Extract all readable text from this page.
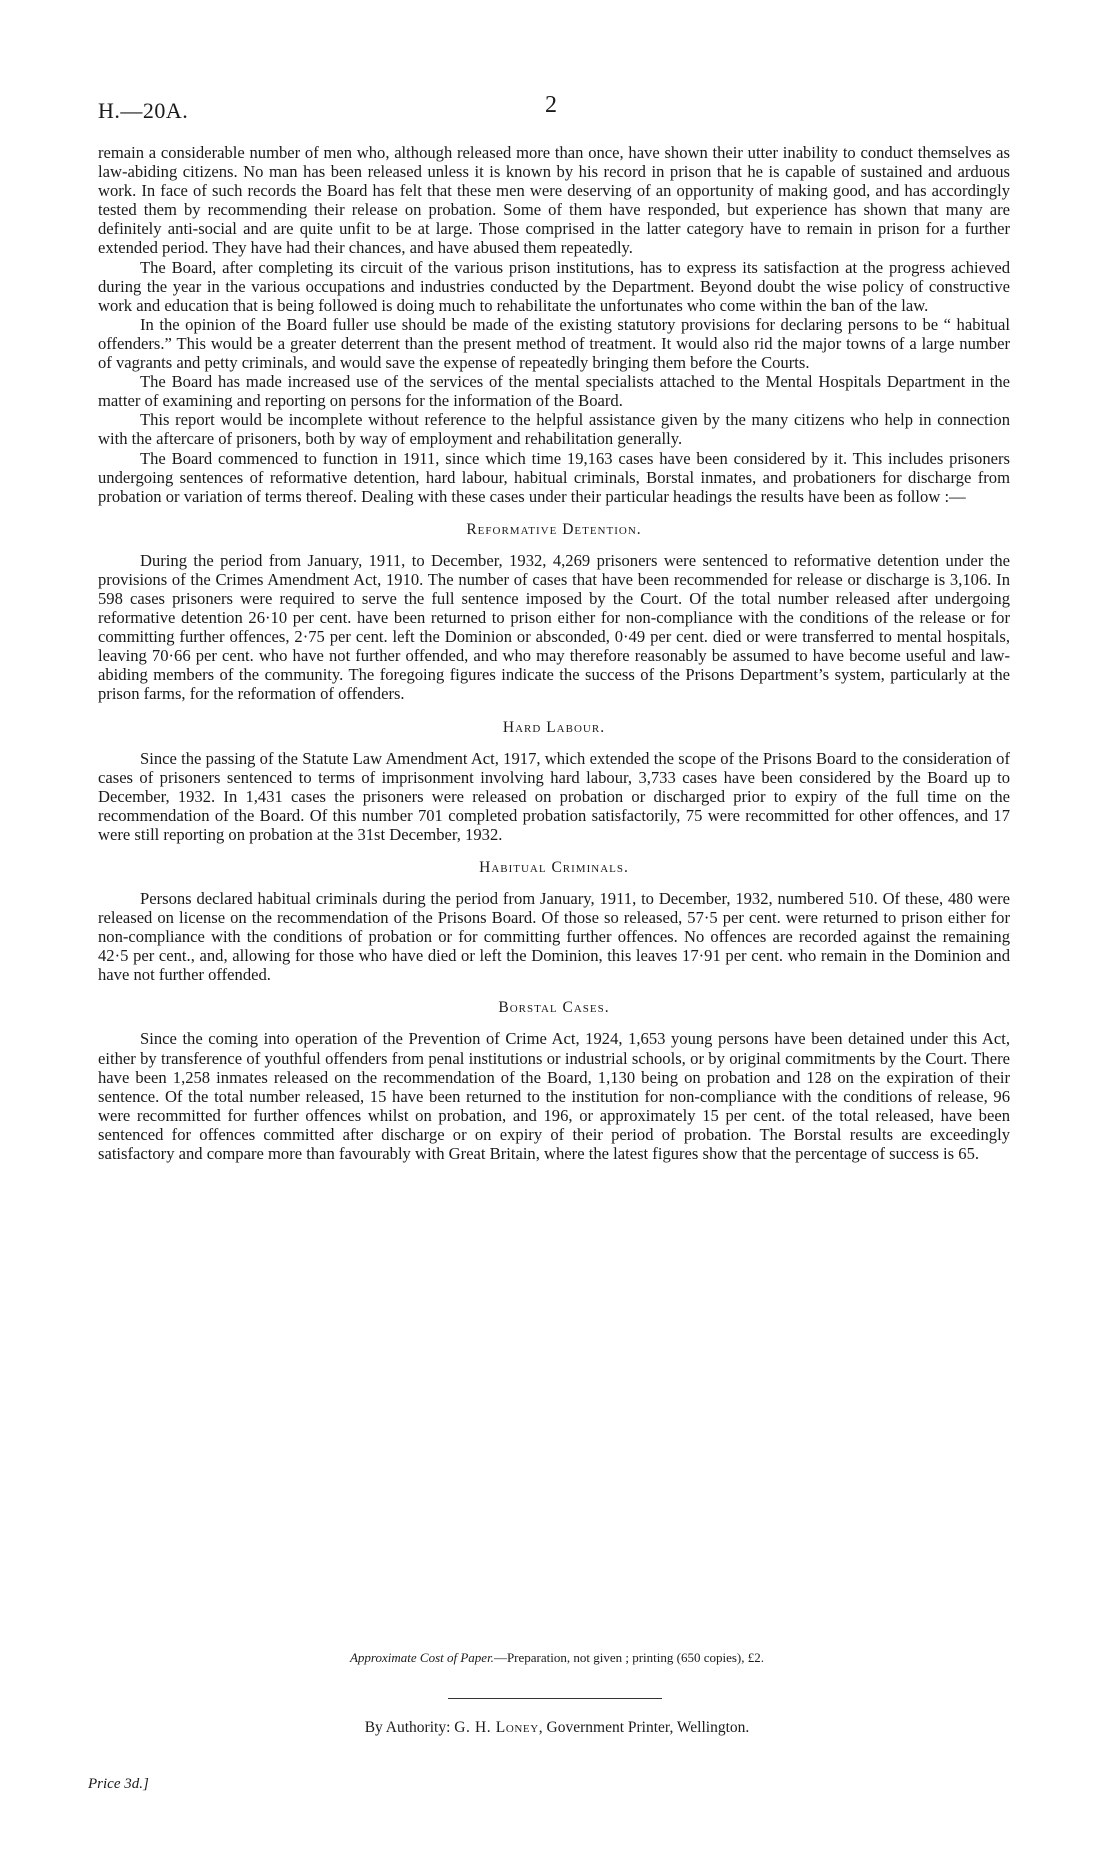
H.—20A.	2

remain a considerable number of men who, although released more than once, have shown their utter inability to conduct themselves as law-abiding citizens. No man has been released unless it is known by his record in prison that he is capable of sustained and arduous work. In face of such records the Board has felt that these men were deserving of an opportunity of making good, and has accordingly tested them by recommending their release on probation. Some of them have responded, but experience has shown that many are definitely anti-social and are quite unfit to be at large. Those comprised in the latter category have to remain in prison for a further extended period. They have had their chances, and have abused them repeatedly.

The Board, after completing its circuit of the various prison institutions, has to express its satisfaction at the progress achieved during the year in the various occupations and industries conducted by the Department. Beyond doubt the wise policy of constructive work and education that is being followed is doing much to rehabilitate the unfortunates who come within the ban of the law.

In the opinion of the Board fuller use should be made of the existing statutory provisions for declaring persons to be “ habitual offenders.” This would be a greater deterrent than the present method of treatment. It would also rid the major towns of a large number of vagrants and petty criminals, and would save the expense of repeatedly bringing them before the Courts.

The Board has made increased use of the services of the mental specialists attached to the Mental Hospitals Department in the matter of examining and reporting on persons for the information of the Board.

This report would be incomplete without reference to the helpful assistance given by the many citizens who help in connection with the aftercare of prisoners, both by way of employment and rehabilitation generally.

The Board commenced to function in 1911, since which time 19,163 cases have been considered by it. This includes prisoners undergoing sentences of reformative detention, hard labour, habitual criminals, Borstal inmates, and probationers for discharge from probation or variation of terms thereof. Dealing with these cases under their particular headings the results have been as follow :—

Reformative Detention.

During the period from January, 1911, to December, 1932, 4,269 prisoners were sentenced to reformative detention under the provisions of the Crimes Amendment Act, 1910. The number of cases that have been recommended for release or discharge is 3,106. In 598 cases prisoners were required to serve the full sentence imposed by the Court. Of the total number released after undergoing reformative detention 26·10 per cent. have been returned to prison either for non-compliance with the conditions of the release or for committing further offences, 2·75 per cent. left the Dominion or absconded, 0·49 per cent. died or were transferred to mental hospitals, leaving 70·66 per cent. who have not further offended, and who may therefore reasonably be assumed to have become useful and law-abiding members of the community. The foregoing figures indicate the success of the Prisons Department’s system, particularly at the prison farms, for the reformation of offenders.

Hard Labour.

Since the passing of the Statute Law Amendment Act, 1917, which extended the scope of the Prisons Board to the consideration of cases of prisoners sentenced to terms of imprisonment involving hard labour, 3,733 cases have been considered by the Board up to December, 1932. In 1,431 cases the prisoners were released on probation or discharged prior to expiry of the full time on the recommendation of the Board. Of this number 701 completed probation satisfactorily, 75 were recommitted for other offences, and 17 were still reporting on probation at the 31st December, 1932.

Habitual Criminals.

Persons declared habitual criminals during the period from January, 1911, to December, 1932, numbered 510. Of these, 480 were released on license on the recommendation of the Prisons Board. Of those so released, 57·5 per cent. were returned to prison either for non-compliance with the conditions of probation or for committing further offences. No offences are recorded against the remaining 42·5 per cent., and, allowing for those who have died or left the Dominion, this leaves 17·91 per cent. who remain in the Dominion and have not further offended.

Borstal Cases.

Since the coming into operation of the Prevention of Crime Act, 1924, 1,653 young persons have been detained under this Act, either by transference of youthful offenders from penal institutions or industrial schools, or by original commitments by the Court. There have been 1,258 inmates released on the recommendation of the Board, 1,130 being on probation and 128 on the expiration of their sentence. Of the total number released, 15 have been returned to the institution for non-compliance with the conditions of release, 96 were recommitted for further offences whilst on probation, and 196, or approximately 15 per cent. of the total released, have been sentenced for offences committed after discharge or on expiry of their period of probation. The Borstal results are exceedingly satisfactory and compare more than favourably with Great Britain, where the latest figures show that the percentage of success is 65.

Approximate Cost of Paper.—Preparation, not given ; printing (650 copies), £2.
By Authority: G. H. Loney, Government Printer, Wellington.
Price 3d.]
